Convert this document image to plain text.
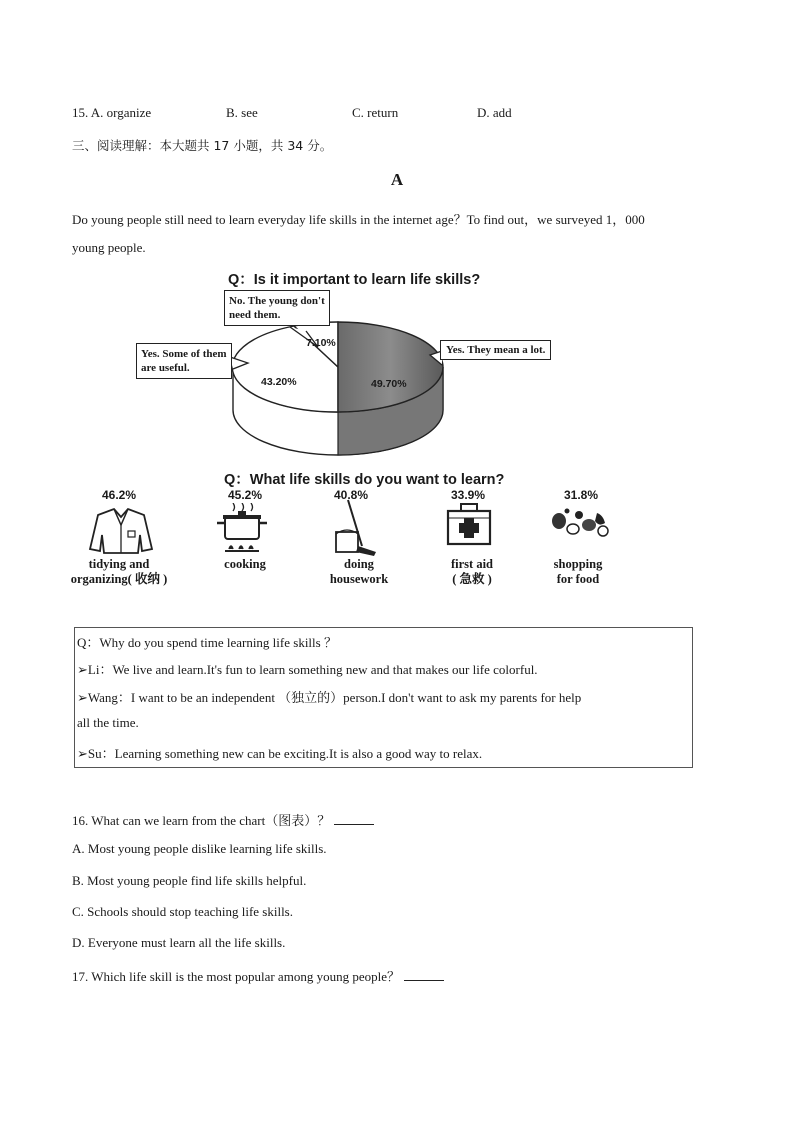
15. A. organize	B. see	C. return	D. add
三、阅读理解：本大题共 17 小题，共 34 分。
A
Do young people still need to learn everyday life skills in the internet age？To find out，we surveyed 1，000
young people.
Q：Is it important to learn life skills?
7.10%
43.20%	49.70%
No. The young don't
need them.
Yes. Some of them
are useful.
Yes. They mean a lot.
Q：What life skills do you want to learn?
46.2%	45.2%	40.8%	33.9%	31.8%
tidying and
organizing( 收纳 )
cooking	doing
housework
first aid
( 急救 )
shopping
for food
Q：Why do you spend time learning life skills ？
➢Li：We live and learn.It's fun to learn something new and that makes our life colorful.
➢Wang：I want to be an independent （独立的）person.I don't want to ask my parents for help
all the time.
➢Su：Learning something new can be exciting.It is also a good way to relax.
16. What can we learn from the chart（图表）？
A. Most young people dislike learning life skills.
B. Most young people find life skills helpful.
C. Schools should stop teaching life skills.
D. Everyone must learn all the life skills.
17. Which life skill is the most popular among young people？
